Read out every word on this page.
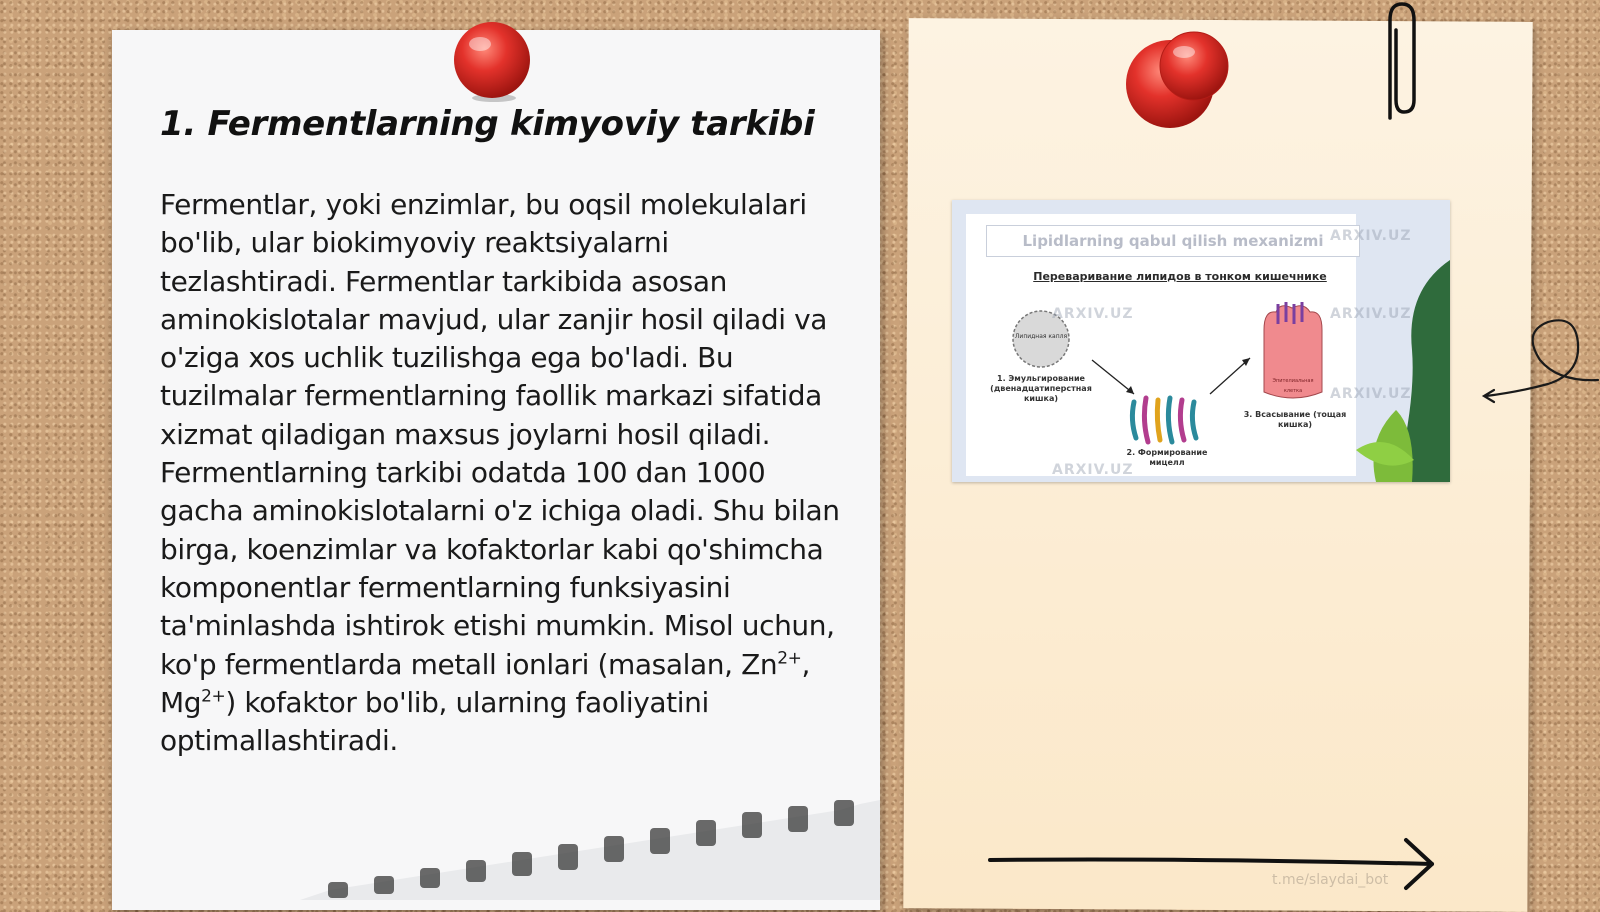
1. Fermentlarning kimyoviy tarkibi

Fermentlar, yoki enzimlar, bu oqsil molekulalari bo'lib, ular biokimyoviy reaktsiyalarni tezlashtiradi. Fermentlar tarkibida asosan aminokislotalar mavjud, ular zanjir hosil qiladi va o'ziga xos uchlik tuzilishga ega bo'ladi. Bu tuzilmalar fermentlarning faollik markazi sifatida xizmat qiladigan maxsus joylarni hosil qiladi. Fermentlarning tarkibi odatda 100 dan 1000 gacha aminokislotalarni o'z ichiga oladi. Shu bilan birga, koenzimlar va kofaktorlar kabi qo'shimcha komponentlar fermentlarning funksiyasini ta'minlashda ishtirok etishi mumkin. Misol uchun, ko'p fermentlarda metall ionlari (masalan, $Zn^{2+}$, $Mg^{2+}$) kofaktor bo'lib, ularning faoliyatini optimallashtiradi.

Lipidlarning qabul qilish mexanizmi
Переваривание липидов в тонком кишечнике
Липидная капля
1. Эмульгирование (двенадцатиперстная кишка)
2. Формирование мицелл
Эпителиальная клетка
3. Всасывание (тощая кишка)
ARXIV.UZ
ARXIV.UZ	ARXIV.UZ
ARXIV.UZ
ARXIV.UZ
t.me/slaydai_bot
